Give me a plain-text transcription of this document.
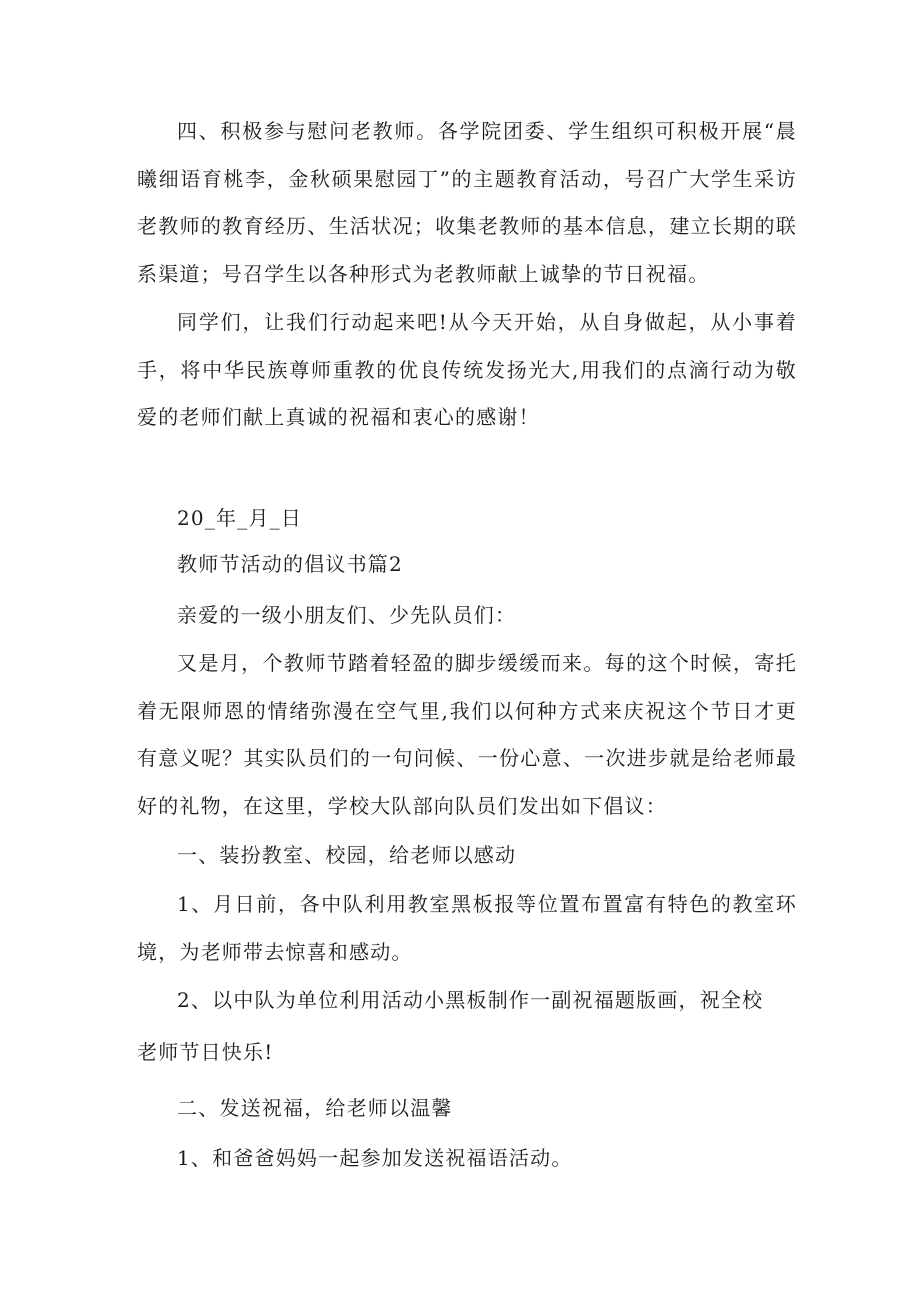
四、积极参与慰问老教师。各学院团委、学生组织可积极开展“晨曦细语育桃李，金秋硕果慰园丁”的主题教育活动，号召广大学生采访老教师的教育经历、生活状况；收集老教师的基本信息，建立长期的联系渠道；号召学生以各种形式为老教师献上诚挚的节日祝福。

同学们，让我们行动起来吧!从今天开始，从自身做起，从小事着手，将中华民族尊师重教的优良传统发扬光大,用我们的点滴行动为敬爱的老师们献上真诚的祝福和衷心的感谢！

20_年_月_日

教师节活动的倡议书篇2

亲爱的一级小朋友们、少先队员们：

又是月，个教师节踏着轻盈的脚步缓缓而来。每的这个时候，寄托着无限师恩的情绪弥漫在空气里,我们以何种方式来庆祝这个节日才更有意义呢？其实队员们的一句问候、一份心意、一次进步就是给老师最好的礼物，在这里，学校大队部向队员们发出如下倡议：

一、装扮教室、校园，给老师以感动

1、月日前，各中队利用教室黑板报等位置布置富有特色的教室环境，为老师带去惊喜和感动。

2、以中队为单位利用活动小黑板制作一副祝福题版画，祝全校

老师节日快乐!

二、发送祝福，给老师以温馨

1、和爸爸妈妈一起参加发送祝福语活动。
